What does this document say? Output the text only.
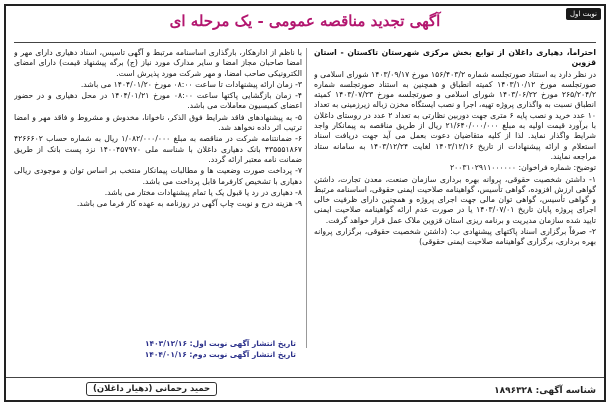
نوبت اول
آگهی تجدید مناقصه عمومی - یک مرحله ای

احتراماً، دهیاری داغلان از توابع بخش مرکزی شهرستان تاکستان - استان قزوین

در نظر دارد به استناد صورتجلسه شماره ۱۵۶/۴۰۳/۲ مورخ ۱۴۰۳/۰۹/۱۷ شورای اسلامی و صورتجلسه مورخ ۱۴۰۳/۱۰/۱۲ کمیته انطباق و همچنین به استناد صورتجلسه شماره ۲۶۵/۲۰۴/۲ مورخ ۱۴۰۳/۰۶/۲۲ شورای اسلامی و صورتجلسه مورخ ۱۴۰۳/۰۷/۲۳ کمیته انطباق نسبت به واگذاری پروژه تهیه، اجرا و نصب ایستگاه مخزن زباله زیرزمینی به تعداد ۱۰ عدد خرید و نصب پایه ۶ متری جهت دوربین نظارتی به تعداد ۲ عدد در روستای داغلان با برآورد قیمت اولیه به مبلغ ۲۱/۶۴۰/۰۰۰/۰۰۰ ریال از طریق مناقصه به پیمانکار واجد شرایط واگذار نماید. لذا از کلیه متقاضیان دعوت بعمل می آید جهت دریافت اسناد استعلام و ارائه پیشنهادات از تاریخ ۱۴۰۳/۱۲/۱۶ لغایت ۱۴۰۳/۱۲/۲۴ به سامانه ستاد مراجعه نمایند.

توضیح: شماره فراخوان: ۲۰۰۳۱۰۲۹۱۱۰۰۰۰۰۰

۱- داشتن شخصیت حقوقی، پروانه بهره برداری سازمان صنعت، معدن تجارت، داشتن گواهی ارزش افزوده، گواهی تأسیس، گواهینامه صلاحیت ایمنی حقوقی، اساسنامه مرتبط و گواهی تأسیس، گواهی توان مالی جهت اجرای پروژه و همچنین دارای ظرفیت خالی اجرای پروژه پایان تاریخ ۱۴۰۳/۰۷/۰۱ یا در صورت عدم ارائه گواهینامه صلاحیت ایمنی تایید شده سازمان مدیریت و برنامه ریزی استان قزوین ملاک عمل قرار خواهد گرفت.

۲- صرفاً برگزاری اسناد پاکتهای پیشنهادی ب: (داشتن شخصیت حقوقی، برگزاری پروانه بهره برداری، برگزاری گواهینامه صلاحیت ایمنی حقوقی)

با ناظم از ادارهکار، بارگذاری اساسنامه مرتبط و آگهی تاسیس، اسناد دهیاری دارای مهر و امضا صاحبان مجاز امضا و سایر مدارک مورد نیاز (ج) برگه پیشنهاد قیمت) دارای امضای الکترونیکی صاحب امضا، و مهر شرکت مورد پذیرش است.

۳- زمان ارائه پیشنهادات تا ساعت ۰۸:۰۰ مورخ ۱۴۰۴/۰۱/۲۰ می باشد.

۴- زمان بازگشایی پاکتها ساعت ۰۸:۰۰ مورخ ۱۴۰۴/۰۱/۲۱ در محل دهیاری و در حضور اعضای کمیسیون معاملات می باشد.

۵- به پیشنهادهای فاقد شرایط فوق الذکر، ناخوانا، مخدوش و مشروط و فاقد مهر و امضا ترتیب اثر داده نخواهد شد.

۶- ضمانتنامه شرکت در مناقصه به مبلغ ۱/۰۸۲/۰۰۰/۰۰۰ ریال به شماره حساب ۴۲۶۶۶۰۲ ۴۳۵۵۵۱۸۶۷ بانک دهیاری داغلان با شناسه ملی ۱۴۰۰۴۵۷۹۷۰ نزد پست بانک از طریق ضمانت نامه معتبر ارائه گردد.

۷- پرداخت صورت وضعیت ها و مطالبات پیمانکار منتخب بر اساس توان و موجودی ریالی دهیاری با تشخیص کارفرما قابل پرداخت می باشد.

۸- دهیاری در رد یا قبول یک یا تمام پیشنهادات مختار می باشد.

۹- هزینه درج و نوبت چاپ آگهی در روزنامه به عهده کار فرما می باشد.

تاریخ انتشار آگهی نوبت اول: ۱۴۰۳/۱۲/۱۶
تاریخ انتشار آگهی نوبت دوم: ۱۴۰۴/۰۱/۱۶
شناسه آگهی: ۱۸۹۶۳۲۸
حمید رحمانی (دهیار داغلان)
